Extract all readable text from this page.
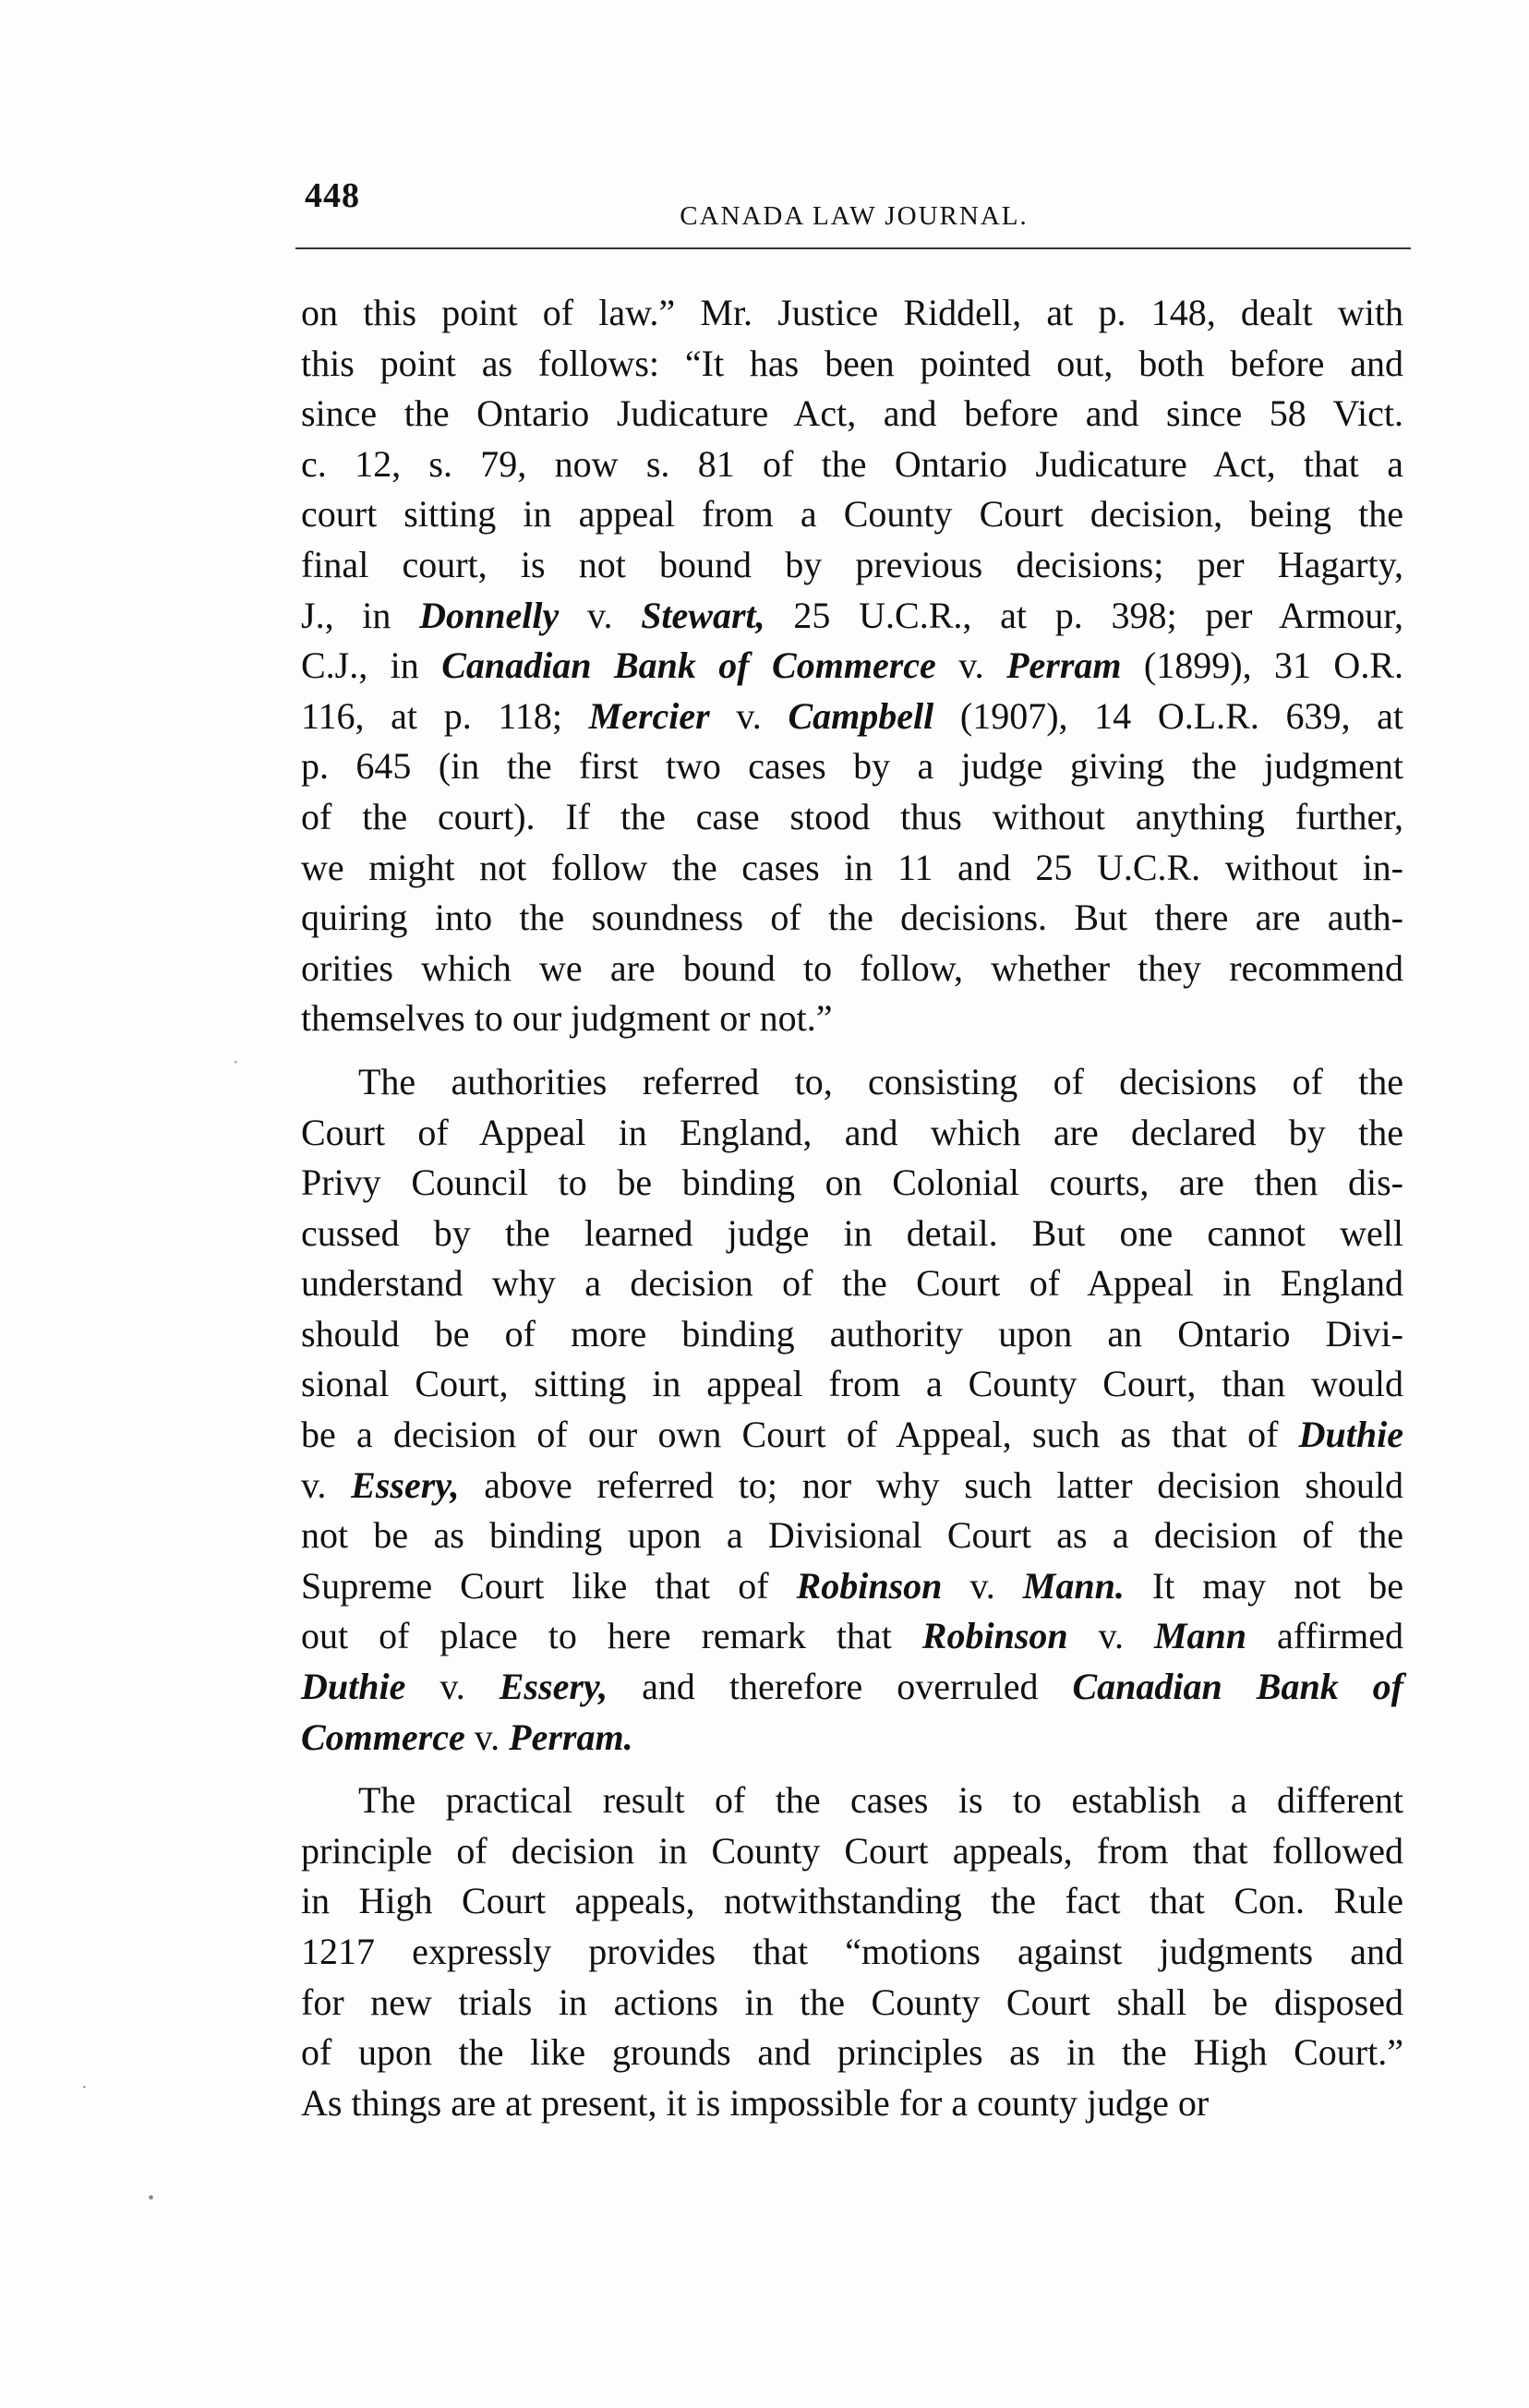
448
CANADA LAW JOURNAL.
on this point of law.” Mr. Justice Riddell, at p. 148, dealt with
this point as follows: “It has been pointed out, both before and
since the Ontario Judicature Act, and before and since 58 Vict.
c. 12, s. 79, now s. 81 of the Ontario Judicature Act, that a
court sitting in appeal from a County Court decision, being the
final court, is not bound by previous decisions; per Hagarty,
J., in Donnelly v. Stewart, 25 U.C.R., at p. 398; per Armour,
C.J., in Canadian Bank of Commerce v. Perram (1899), 31 O.R.
116, at p. 118; Mercier v. Campbell (1907), 14 O.L.R. 639, at
p. 645 (in the first two cases by a judge giving the judgment
of the court). If the case stood thus without anything further,
we might not follow the cases in 11 and 25 U.C.R. without in-
quiring into the soundness of the decisions. But there are auth-
orities which we are bound to follow, whether they recommend
themselves to our judgment or not.”
The authorities referred to, consisting of decisions of the
Court of Appeal in England, and which are declared by the
Privy Council to be binding on Colonial courts, are then dis-
cussed by the learned judge in detail. But one cannot well
understand why a decision of the Court of Appeal in England
should be of more binding authority upon an Ontario Divi-
sional Court, sitting in appeal from a County Court, than would
be a decision of our own Court of Appeal, such as that of Duthie
v. Essery, above referred to; nor why such latter decision should
not be as binding upon a Divisional Court as a decision of the
Supreme Court like that of Robinson v. Mann. It may not be
out of place to here remark that Robinson v. Mann affirmed
Duthie v. Essery, and therefore overruled Canadian Bank of
Commerce v. Perram.
The practical result of the cases is to establish a different
principle of decision in County Court appeals, from that followed
in High Court appeals, notwithstanding the fact that Con. Rule
1217 expressly provides that “motions against judgments and
for new trials in actions in the County Court shall be disposed
of upon the like grounds and principles as in the High Court.”
As things are at present, it is impossible for a county judge or
·
·
•
